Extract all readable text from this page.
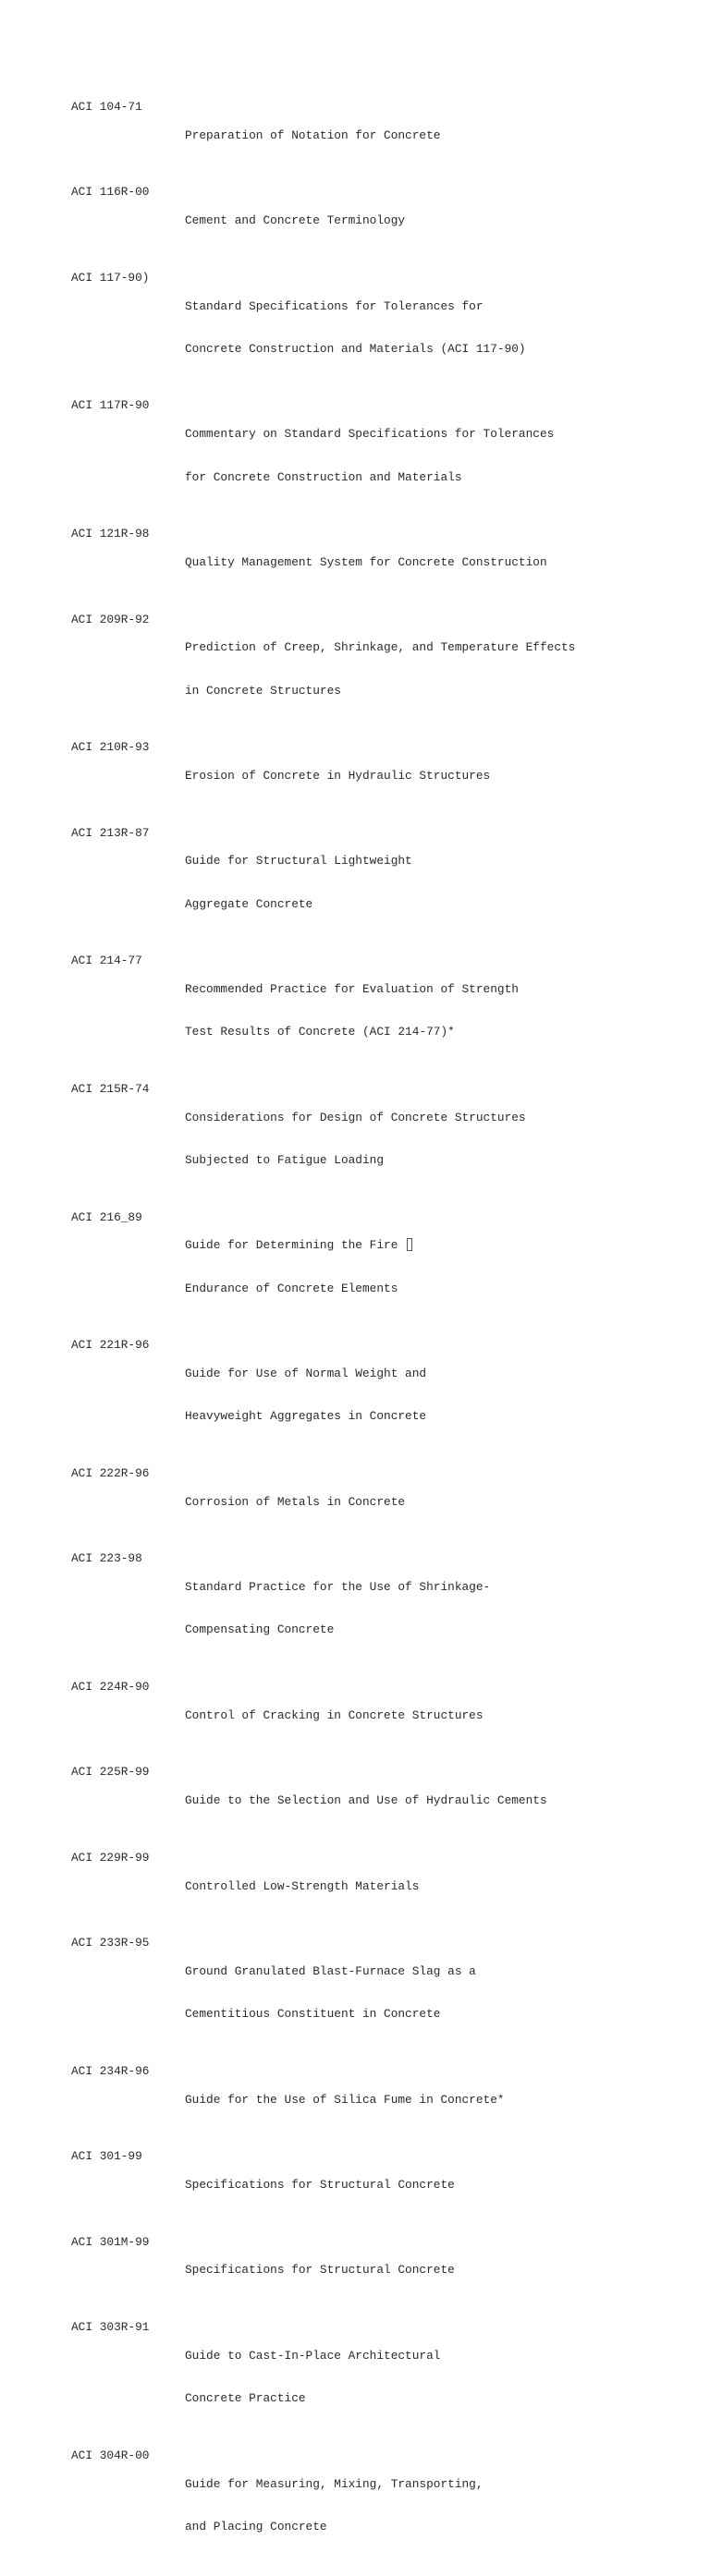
ACI 104-71

Preparation of Notation for Concrete

ACI 116R-00

Cement and Concrete Terminology

ACI 117-90)

Standard Specifications for Tolerances for

Concrete Construction and Materials (ACI 117-90)

ACI 117R-90

Commentary on Standard Specifications for Tolerances

for Concrete Construction and Materials

ACI 121R-98

Quality Management System for Concrete Construction

ACI 209R-92

Prediction of Creep, Shrinkage, and Temperature Effects

in Concrete Structures

ACI 210R-93

Erosion of Concrete in Hydraulic Structures

ACI 213R-87

Guide for Structural Lightweight

Aggregate Concrete

ACI 214-77

Recommended Practice for Evaluation of Strength

Test Results of Concrete (ACI 214-77)*

ACI 215R-74

Considerations for Design of Concrete Structures

Subjected to Fatigue Loading

ACI 216_89

Guide for Determining the Fire

Endurance of Concrete Elements

ACI 221R-96

Guide for Use of Normal Weight and

Heavyweight Aggregates in Concrete

ACI 222R-96

Corrosion of Metals in Concrete

ACI 223-98

Standard Practice for the Use of Shrinkage-

Compensating Concrete

ACI 224R-90

Control of Cracking in Concrete Structures

ACI 225R-99

Guide to the Selection and Use of Hydraulic Cements

ACI 229R-99

Controlled Low-Strength Materials

ACI 233R-95

Ground Granulated Blast-Furnace Slag as a

Cementitious Constituent in Concrete

ACI 234R-96

Guide for the Use of Silica Fume in Concrete*

ACI 301-99

Specifications for Structural Concrete

ACI 301M-99

Specifications for Structural Concrete

ACI 303R-91

Guide to Cast-In-Place Architectural

Concrete Practice

ACI 304R-00

Guide for Measuring, Mixing, Transporting,

and Placing Concrete
